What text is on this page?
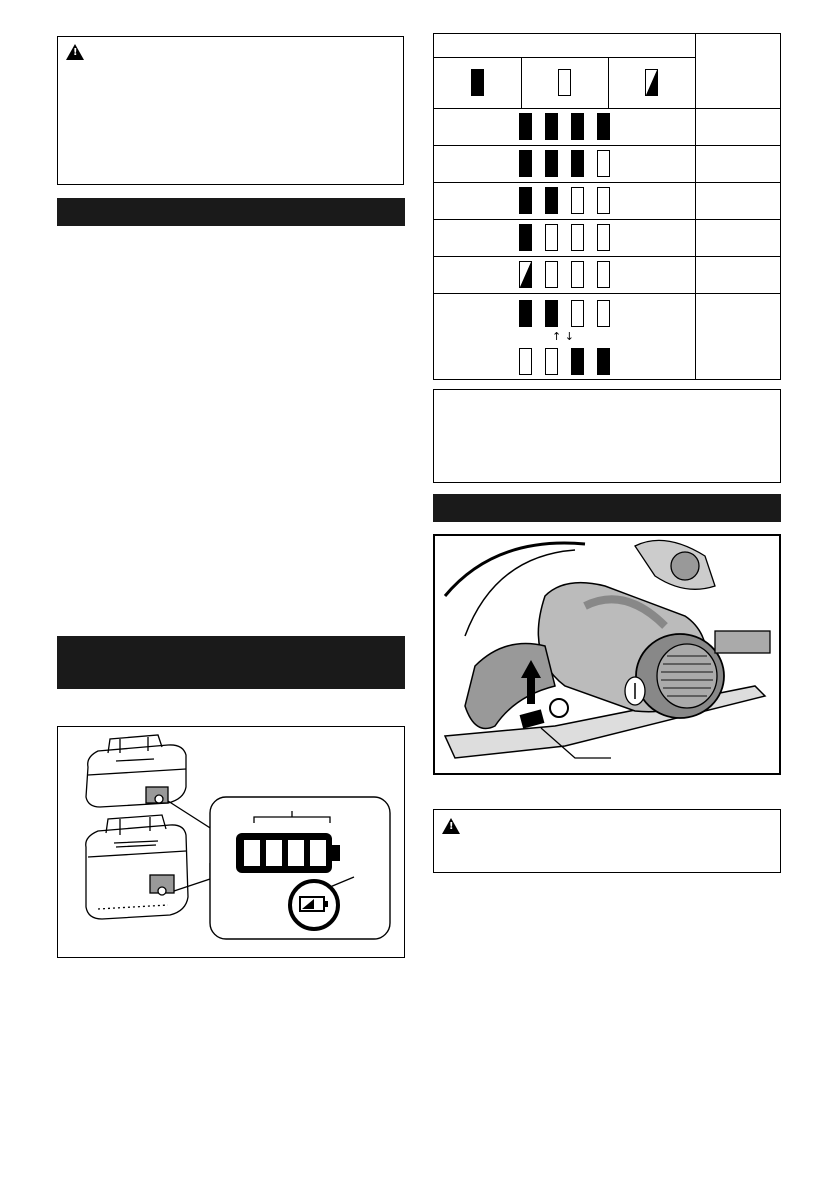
!
↑ ↓
!
